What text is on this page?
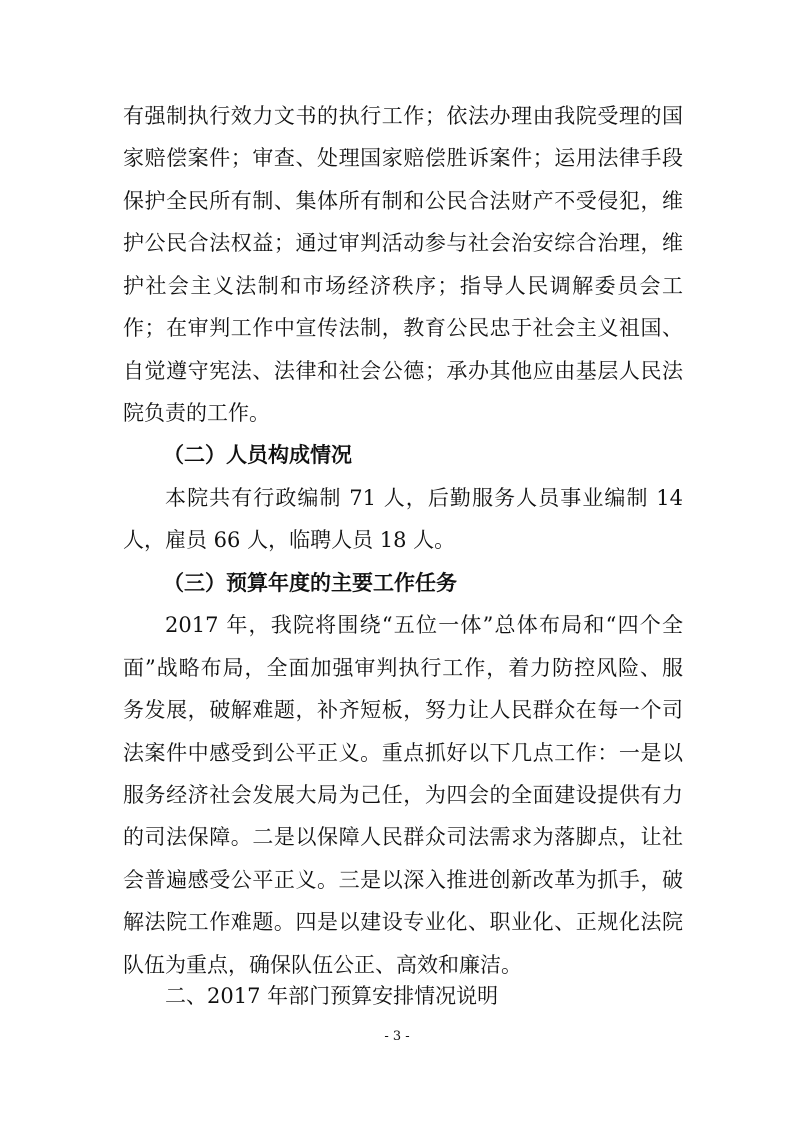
有强制执行效力文书的执行工作；依法办理由我院受理的国
家赔偿案件；审查、处理国家赔偿胜诉案件；运用法律手段
保护全民所有制、集体所有制和公民合法财产不受侵犯，维
护公民合法权益；通过审判活动参与社会治安综合治理，维
护社会主义法制和市场经济秩序；指导人民调解委员会工
作；在审判工作中宣传法制，教育公民忠于社会主义祖国、
自觉遵守宪法、法律和社会公德；承办其他应由基层人民法
院负责的工作。
（二）人员构成情况
本院共有行政编制 71 人，后勤服务人员事业编制 14
人，雇员 66 人，临聘人员 18 人。
（三）预算年度的主要工作任务
2017 年，我院将围绕“五位一体”总体布局和“四个全
面”战略布局，全面加强审判执行工作，着力防控风险、服
务发展，破解难题，补齐短板，努力让人民群众在每一个司
法案件中感受到公平正义。重点抓好以下几点工作：一是以
服务经济社会发展大局为己任，为四会的全面建设提供有力
的司法保障。二是以保障人民群众司法需求为落脚点，让社
会普遍感受公平正义。三是以深入推进创新改革为抓手，破
解法院工作难题。四是以建设专业化、职业化、正规化法院
队伍为重点，确保队伍公正、高效和廉洁。
二、2017 年部门预算安排情况说明
- 3 -
